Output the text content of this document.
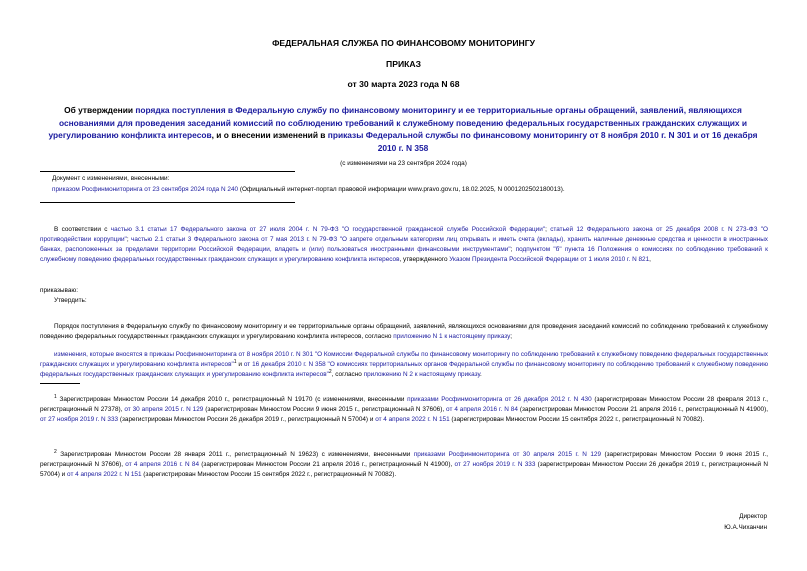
ФЕДЕРАЛЬНАЯ СЛУЖБА ПО ФИНАНСОВОМУ МОНИТОРИНГУ
ПРИКАЗ
от 30 марта 2023 года N 68
Об утверждении порядка поступления в Федеральную службу по финансовому мониторингу и ее территориальные органы обращений, заявлений, являющихся основаниями для проведения заседаний комиссий по соблюдению требований к служебному поведению федеральных государственных гражданских служащих и урегулированию конфликта интересов, и о внесении изменений в приказы Федеральной службы по финансовому мониторингу от 8 ноября 2010 г. N 301 и от 16 декабря 2010 г. N 358
(с изменениями на 23 сентября 2024 года)
Документ с изменениями, внесенными:
приказом Росфинмониторинга от 23 сентября 2024 года N 240 (Официальный интернет-портал правовой информации www.pravo.gov.ru, 18.02.2025, N 0001202502180013).
В соответствии с частью 3.1 статьи 17 Федерального закона от 27 июля 2004 г. N 79-ФЗ "О государственной гражданской службе Российской Федерации"; статьей 12 Федерального закона от 25 декабря 2008 г. N 273-ФЗ "О противодействии коррупции"; частью 2.1 статьи 3 Федерального закона от 7 мая 2013 г. N 79-ФЗ "О запрете отдельным категориям лиц открывать и иметь счета (вклады), хранить наличные денежные средства и ценности в иностранных банках, расположенных за пределами территории Российской Федерации, владеть и (или) пользоваться иностранными финансовыми инструментами"; подпунктом "б" пункта 16 Положения о комиссиях по соблюдению требований к служебному поведению федеральных государственных гражданских служащих и урегулированию конфликта интересов, утвержденного Указом Президента Российской Федерации от 1 июля 2010 г. N 821,
приказываю:
Утвердить:
Порядок поступления в Федеральную службу по финансовому мониторингу и ее территориальные органы обращений, заявлений, являющихся основаниями для проведения заседаний комиссий по соблюдению требований к служебному поведению федеральных государственных гражданских служащих и урегулированию конфликта интересов, согласно приложению N 1 к настоящему приказу;
изменения, которые вносятся в приказы Росфинмониторинга от 8 ноября 2010 г. N 301 "О Комиссии Федеральной службы по финансовому мониторингу по соблюдению требований к служебному поведению федеральных государственных гражданских служащих и урегулированию конфликта интересов"$^1$ и от 16 декабря 2010 г. N 358 "О комиссиях территориальных органов Федеральной службы по финансовому мониторингу по соблюдению требований к служебному поведению федеральных государственных гражданских служащих и урегулированию конфликта интересов"$^2$, согласно приложению N 2 к настоящему приказу.
$^1$ Зарегистрирован Минюстом России 14 декабря 2010 г., регистрационный N 19170 (с изменениями, внесенными приказами Росфинмониторинга от 26 декабря 2012 г. N 430 (зарегистрирован Минюстом России 28 февраля 2013 г., регистрационный N 27378), от 30 апреля 2015 г. N 129 (зарегистрирован Минюстом России 9 июня 2015 г., регистрационный N 37606), от 4 апреля 2016 г. N 84 (зарегистрирован Минюстом России 21 апреля 2016 г., регистрационный N 41900), от 27 ноября 2019 г. N 333 (зарегистрирован Минюстом России 26 декабря 2019 г., регистрационный N 57004) и от 4 апреля 2022 г. N 151 (зарегистрирован Минюстом России 15 сентября 2022 г., регистрационный N 70082).
$^2$ Зарегистрирован Минюстом России 28 января 2011 г., регистрационный N 19623) с изменениями, внесенными приказами Росфинмониторинга от 30 апреля 2015 г. N 129 (зарегистрирован Минюстом России 9 июня 2015 г., регистрационный N 37606), от 4 апреля 2016 г. N 84 (зарегистрирован Минюстом России 21 апреля 2016 г., регистрационный N 41900), от 27 ноября 2019 г. N 333 (зарегистрирован Минюстом России 26 декабря 2019 г., регистрационный N 57004) и от 4 апреля 2022 г. N 151 (зарегистрирован Минюстом России 15 сентября 2022 г., регистрационный N 70082).
Директор
Ю.А.Чиханчин
